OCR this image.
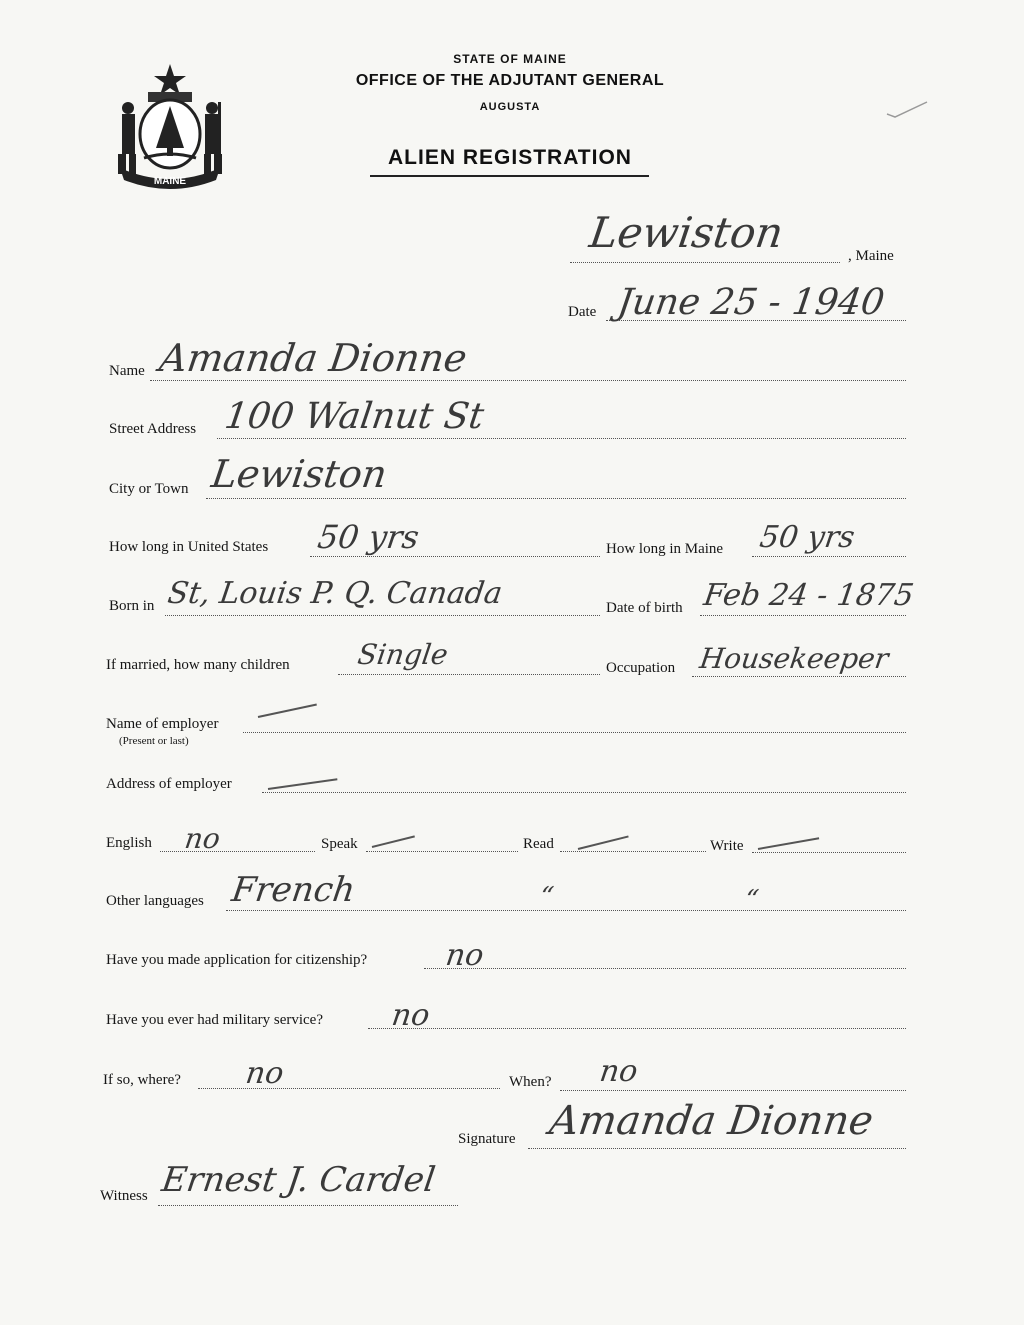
MAINE
STATE OF MAINE
OFFICE OF THE ADJUTANT GENERAL
AUGUSTA
ALIEN REGISTRATION
Lewiston	, Maine
Date June 25 - 1940
Name Amanda Dionne
Street Address 100 Walnut St
City or Town Lewiston
How long in United States 50 yrs	How long in Maine 50 yrs
Born in St, Louis P. Q. Canada	Date of birth Feb 24 - 1875
If married, how many children Single	Occupation Housekeeper
Name of employer
(Present or last)
Address of employer
English no	Speak	Read	Write
Other languages French	“	“
Have you made application for citizenship?	no
Have you ever had military service? no
If so, where? no	When? no
Signature Amanda Dionne
Witness Ernest J. Cardel
